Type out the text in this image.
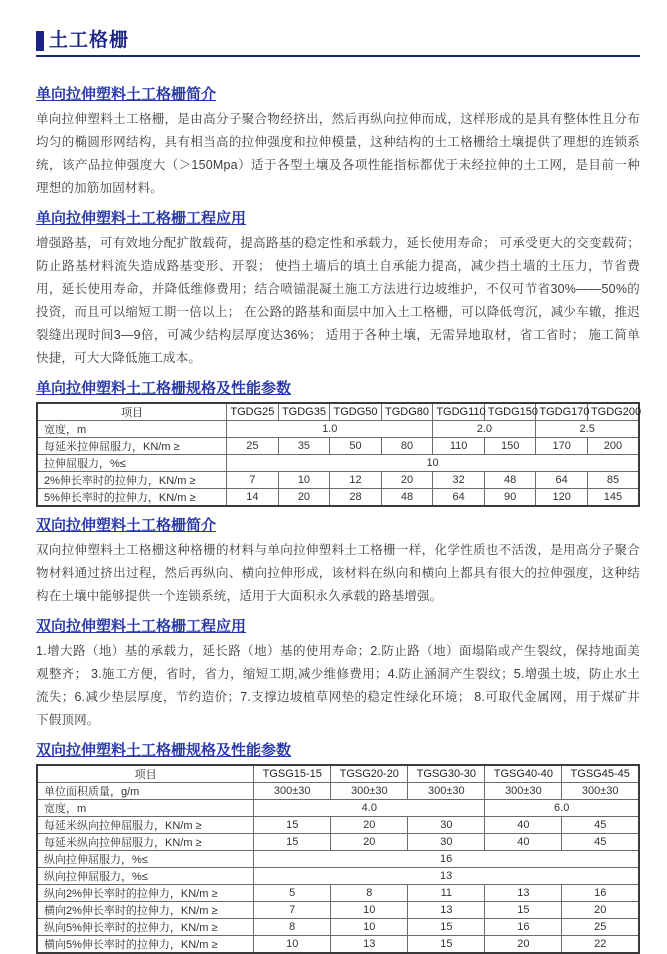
土工格栅
单向拉伸塑料土工格栅简介

单向拉伸塑料土工格栅，是由高分子聚合物经挤出，然后再纵向拉伸而成，这样形成的是具有整体性且分布均匀的椭圆形网结构，具有相当高的拉伸强度和拉伸模量，这种结构的土工格栅给土壤提供了理想的连锁系统，该产品拉伸强度大（＞150Mpa）适于各型土壤及各项性能指标都优于未经拉伸的土工网，是目前一种理想的加筋加固材料。

单向拉伸塑料土工格栅工程应用

增强路基，可有效地分配扩散载荷，提高路基的稳定性和承载力，延长使用寿命； 可承受更大的交变载荷； 防止路基材料流失造成路基变形、开裂； 使挡土墙后的填土自承能力提高，减少挡土墙的土压力，节省费用，延长使用寿命，并降低维修费用；结合喷锚混凝土施工方法进行边坡维护，不仅可节省30%——50%的投资，而且可以缩短工期一倍以上； 在公路的路基和面层中加入土工格栅，可以降低弯沉，减少车辙，推迟裂缝出现时间3—9倍，可减少结构层厚度达36%； 适用于各种土壤，无需异地取材，省工省时； 施工简单快捷，可大大降低施工成本。

单向拉伸塑料土工格栅规格及性能参数
项目	TGDG25	TGDG35	TGDG50	TGDG80	TGDG110	TGDG150	TGDG170	TGDG200
宽度，m	1.0				2.0		2.5	
每延米拉伸屈服力，KN/m ≥	25	35	50	80	110	150	170	200
拉伸屈服力，%≤	10							
2%伸长率时的拉伸力，KN/m ≥	7	10	12	20	32	48	64	85
5%伸长率时的拉伸力，KN/m ≥	14	20	28	48	64	90	120	145
双向拉伸塑料土工格栅简介

双向拉伸塑料土工格栅这种格栅的材料与单向拉伸塑料土工格栅一样，化学性质也不活泼，是用高分子聚合物材料通过挤出过程，然后再纵向、横向拉伸形成，该材料在纵向和横向上都具有很大的拉伸强度，这种结构在土壤中能够提供一个连锁系统，适用于大面积永久承载的路基增强。

双向拉伸塑料土工格栅工程应用

1.增大路（地）基的承载力，延长路（地）基的使用寿命；2.防止路（地）面塌陷或产生裂纹，保持地面美观整齐； 3.施工方便，省时，省力，缩短工期,减少维修费用；4.防止涵洞产生裂纹；5.增强土坡，防止水土流失；6.减少垫层厚度，节约造价；7.支撑边坡植草网垫的稳定性绿化环境； 8.可取代金属网，用于煤矿井下假顶网。

双向拉伸塑料土工格栅规格及性能参数
项目	TGSG15-15	TGSG20-20	TGSG30-30	TGSG40-40	TGSG45-45
单位面积质量，g/m	300±30	300±30	300±30	300±30	300±30
宽度，m	4.0			6.0	
每延米纵向拉伸屈服力，KN/m ≥	15	20	30	40	45
每延米纵向拉伸屈服力，KN/m ≥	15	20	30	40	45
纵向拉伸屈服力，%≤	16				
纵向拉伸屈服力，%≤	13				
纵向2%伸长率时的拉伸力，KN/m ≥	5	8	11	13	16
横向2%伸长率时的拉伸力，KN/m ≥	7	10	13	15	20
纵向5%伸长率时的拉伸力，KN/m ≥	8	10	15	16	25
横向5%伸长率时的拉伸力，KN/m ≥	10	13	15	20	22
